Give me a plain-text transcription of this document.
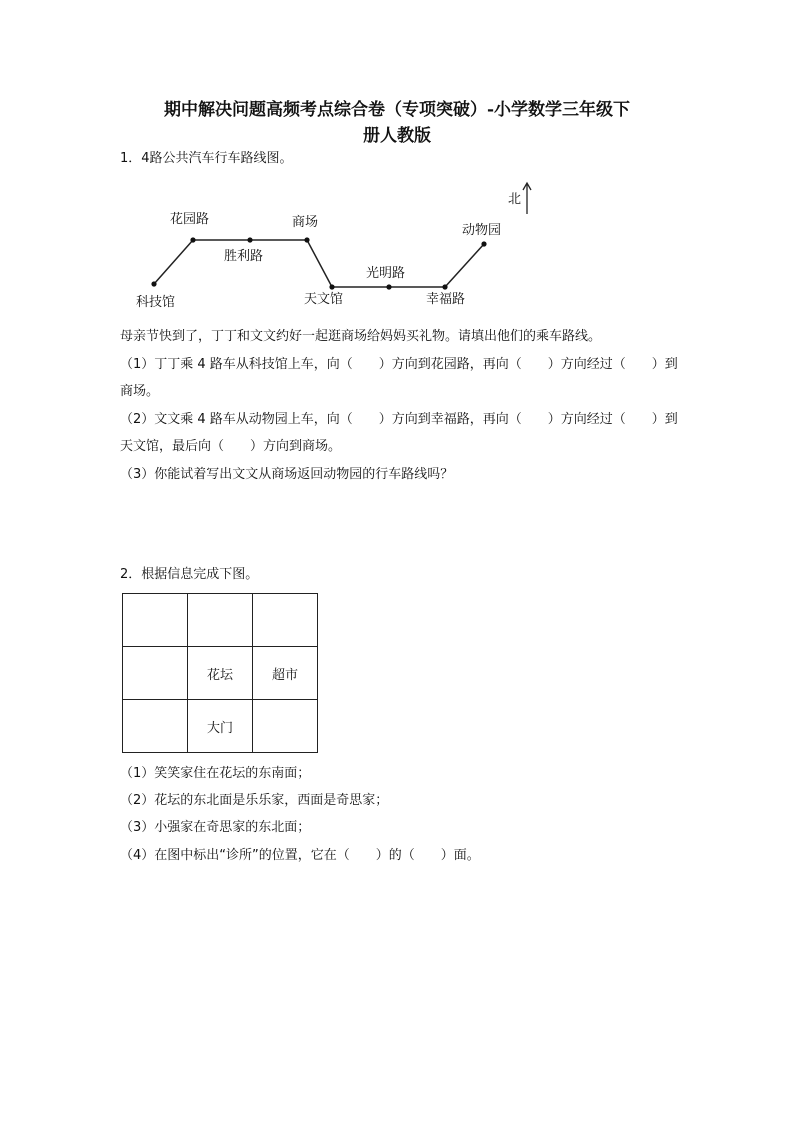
期中解决问题高频考点综合卷（专项突破）-小学数学三年级下
册人教版

1．4路公共汽车行车路线图。

北
科技馆
花园路
胜利路
商场
天文馆
光明路
幸福路
动物园

母亲节快到了，丁丁和文文约好一起逛商场给妈妈买礼物。请填出他们的乘车路线。

（1）丁丁乘 4 路车从科技馆上车，向（　　）方向到花园路，再向（　　）方向经过（　　）到

商场。

（2）文文乘 4 路车从动物园上车，向（　　）方向到幸福路，再向（　　）方向经过（　　）到

天文馆，最后向（　　）方向到商场。

（3）你能试着写出文文从商场返回动物园的行车路线吗？

2．根据信息完成下图。

	花坛	超市
	大门	

（1）笑笑家住在花坛的东南面；

（2）花坛的东北面是乐乐家，西面是奇思家；

（3）小强家在奇思家的东北面；

（4）在图中标出“诊所”的位置，它在（　　）的（　　）面。
